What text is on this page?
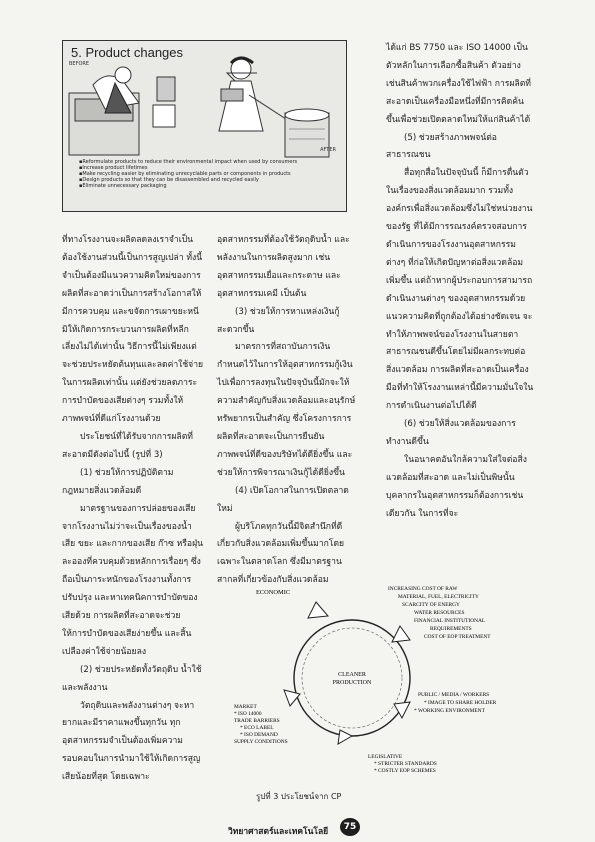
5. Product changes
BEFORE
AFTER
▪ Reformulate products to reduce their environmental impact when used by consumers
▪ Increase product lifetimes
▪ Make recycling easier by eliminating unrecyclable parts or components in products
▪ Design products so that they can be disassembled and recycled easily
▪ Eliminate unnecessary packaging

ที่ทางโรงงานจะผลิตลดลงเราจำเป็นต้องใช้งานส่วนนี้เป็นการสูญเปล่า ทั้งนี้จำเป็นต้องมีแนวความคิดใหม่ของการผลิตที่สะอาดว่าเป็นการสร้างโอกาสให้มีการควบคุม และขจัดการเผาขยะหนีมิให้เกิดการกระบวนการผลิตที่หลีกเลี่ยงไม่ได้เท่านั้น วิธีการนี้ไม่เพียงแต่จะช่วยประหยัดต้นทุนและลดค่าใช้จ่ายในการผลิตเท่านั้น แต่ยังช่วยลดภาระการบำบัดของเสียต่างๆ รวมทั้งให้ภาพพจน์ที่ดีแก่โรงงานด้วย

ประโยชน์ที่ได้รับจากการผลิตที่สะอาดมีดังต่อไปนี้ (รูปที่ 3)

(1) ช่วยให้การปฏิบัติตามกฎหมายสิ่งแวดล้อมดี

มาตรฐานของการปล่อยของเสียจากโรงงานไม่ว่าจะเป็นเรื่องของน้ำเสีย ขยะ และกากของเสีย ก๊าซ หรือฝุ่นละอองที่ควบคุมด้วยหลักการเรื่อยๆ ซึ่งถือเป็นภาระหนักของโรงงานทั้งการปรับปรุง และหาเทคนิคการบำบัดของเสียด้วย การผลิตที่สะอาดจะช่วยให้การบำบัดของเสียง่ายขึ้น และสิ้นเปลืองค่าใช้จ่ายน้อยลง

(2) ช่วยประหยัดทั้งวัตถุดิบ น้ำใช้ และพลังงาน

วัตถุดิบและพลังงานต่างๆ จะหายากและมีราคาแพงขึ้นทุกวัน ทุกอุตสาหกรรมจำเป็นต้องเพิ่มความรอบคอบในการนำมาใช้ให้เกิดการสูญเสียน้อยที่สุด โดยเฉพาะ

อุตสาหกรรมที่ต้องใช้วัตถุดิบน้ำ และพลังงานในการผลิตสูงมาก เช่น อุตสาหกรรมเยื่อและกระดาษ และอุตสาหกรรมเคมี เป็นต้น

(3) ช่วยให้การหาแหล่งเงินกู้สะดวกขึ้น

มาตรการที่สถาบันการเงินกำหนดไว้ในการให้อุตสาหกรรมกู้เงินไปเพื่อการลงทุนในปัจจุบันนี้มักจะให้ความสำคัญกับสิ่งแวดล้อมและอนุรักษ์ทรัพยากรเป็นสำคัญ ซึ่งโครงการการผลิตที่สะอาดจะเป็นการยืนยันภาพพจน์ที่ดีของบริษัทได้ดียิ่งขึ้น และช่วยให้การพิจารณาเงินกู้ได้ดียิ่งขึ้น

(4) เปิดโอกาสในการเปิดตลาดใหม่

ผู้บริโภคทุกวันนี้มีจิตสำนึกที่ดีเกี่ยวกับสิ่งแวดล้อมเพิ่มขึ้นมากโดยเฉพาะในตลาดโลก ซึ่งมีมาตรฐานสากลที่เกี่ยวข้องกับสิ่งแวดล้อม

ได้แก่ BS 7750 และ ISO 14000 เป็นตัวหลักในการเลือกซื้อสินค้า ตัวอย่างเช่นสินค้าพวกเครื่องใช้ไฟฟ้า การผลิตที่สะอาดเป็นเครื่องมือหนึ่งที่มีการคิดค้นขึ้นเพื่อช่วยเปิดตลาดใหม่ให้แก่สินค้าได้

(5) ช่วยสร้างภาพพจน์ต่อสาธารณชน

สื่อทุกสื่อในปัจจุบันนี้ ก็มีการตื่นตัวในเรื่องของสิ่งแวดล้อมมาก รวมทั้งองค์กรเพื่อสิ่งแวดล้อมซึ่งไม่ใช่หน่วยงานของรัฐ ที่ได้มีการรณรงค์ตรวจสอบการดำเนินการของโรงงานอุตสาหกรรมต่างๆ ที่ก่อให้เกิดปัญหาต่อสิ่งแวดล้อมเพิ่มขึ้น แต่ถ้าหากผู้ประกอบการสามารถดำเนินงานต่างๆ ของอุตสาหกรรมด้วยแนวความคิดที่ถูกต้องได้อย่างชัดเจน จะทำให้ภาพพจน์ของโรงงานในสายตาสาธารณชนดีขึ้นโดยไม่มีผลกระทบต่อสิ่งแวดล้อม การผลิตที่สะอาดเป็นเครื่องมือที่ทำให้โรงงานเหล่านี้มีความมั่นใจในการดำเนินงานต่อไปได้ดี

(6) ช่วยให้สิ่งแวดล้อมของการทำงานดีขึ้น

ในอนาคตอันใกล้ความใส่ใจต่อสิ่งแวดล้อมที่สะอาด และไม่เป็นพิษนั้น บุคลากรในอุตสาหกรรมก็ต้องการเช่นเดียวกัน ในการที่จะ

CLEANER
PRODUCTION
ECONOMIC	INCREASING COST OF RAW
MATERIAL, FUEL, ELECTRICITY
SCARCITY OF ENERGY
WATER RESOURCES
FINANCIAL INSTITUTIONAL
REQUIREMENTS
COST OF EOP TREATMENT
MARKET
* ISO 14000
TRADE BARRIERS
* ECO LABEL
* ISO DEMAND
SUPPLY CONDITIONS
PUBLIC / MEDIA / WORKERS
* IMAGE TO SHARE HOLDER
* WORKING ENVIRONMENT
LEGISLATIVE
* STRICTER STANDARDS
* COSTLY EOP SCHEMES
รูปที่ 3 ประโยชน์จาก CP
วิทยาศาสตร์และเทคโนโลยี	75
